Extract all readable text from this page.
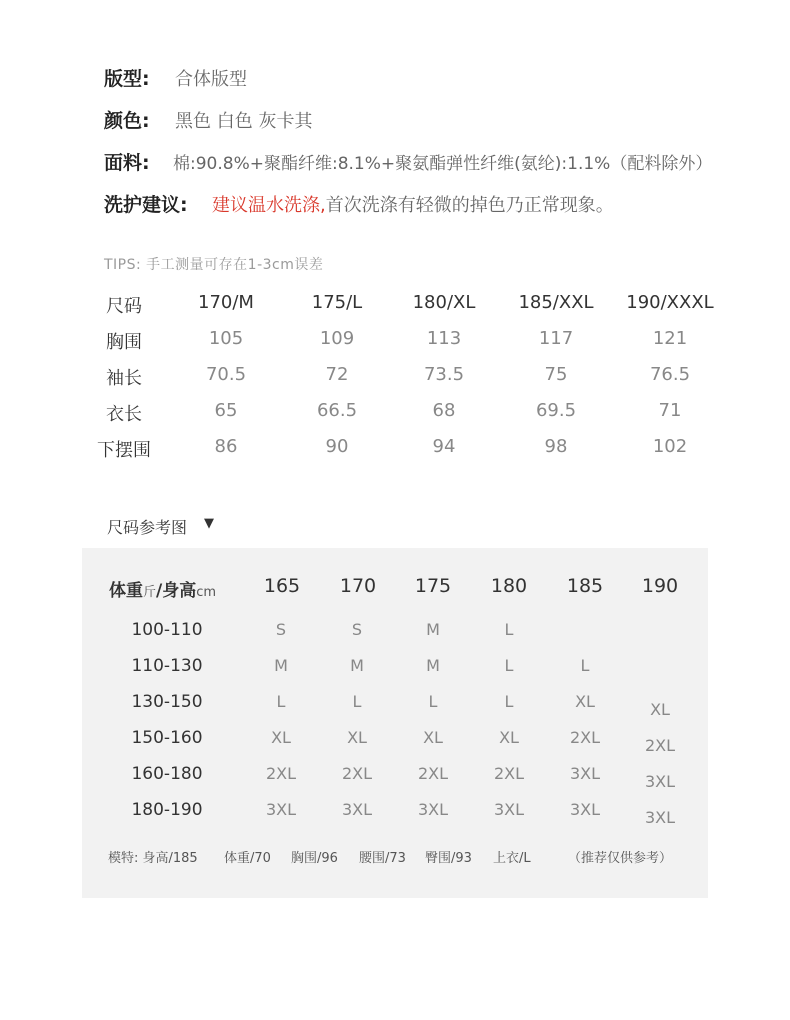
版型: 合体版型
颜色: 黑色 白色 灰卡其
面料: 棉:90.8%+聚酯纤维:8.1%+聚氨酯弹性纤维(氨纶):1.1%（配料除外）
洗护建议: 建议温水洗涤,首次洗涤有轻微的掉色乃正常现象。
TIPS: 手工测量可存在1-3cm误差
尺码	170/M	175/L	180/XL	185/XXL	190/XXXL
胸围	105	109	113	117	121
袖长	70.5	72	73.5	75	76.5
衣长	65	66.5	68	69.5	71
下摆围	86	90	94	98	102
尺码参考图 ▼
体重斤/身高cm	165	170	175	180	185	190
100-110	S	S	M	L
110-130	M	M	M	L	L
130-150	L	L	L	L	XL	XL
150-160	XL	XL	XL	XL	2XL	2XL
160-180	2XL	2XL	2XL	2XL	3XL	3XL
180-190	3XL	3XL	3XL	3XL	3XL	3XL
模特: 身高/185 体重/70 胸围/96 腰围/73 臀围/93 上衣/L	（推荐仅供参考）
